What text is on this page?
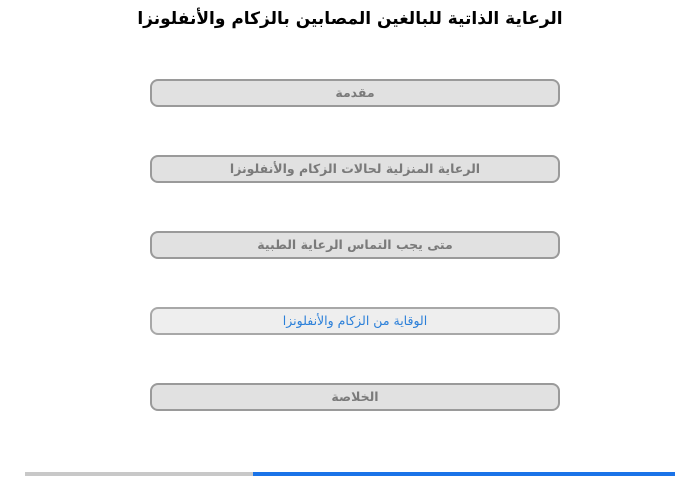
الرعاية الذاتية للبالغين المصابين بالزكام والأنفلونزا
مقدمة
الرعاية المنزلية لحالات الزكام والأنفلونزا
متى يجب التماس الرعاية الطبية
الوقاية من الزكام والأنفلونزا
الخلاصة
